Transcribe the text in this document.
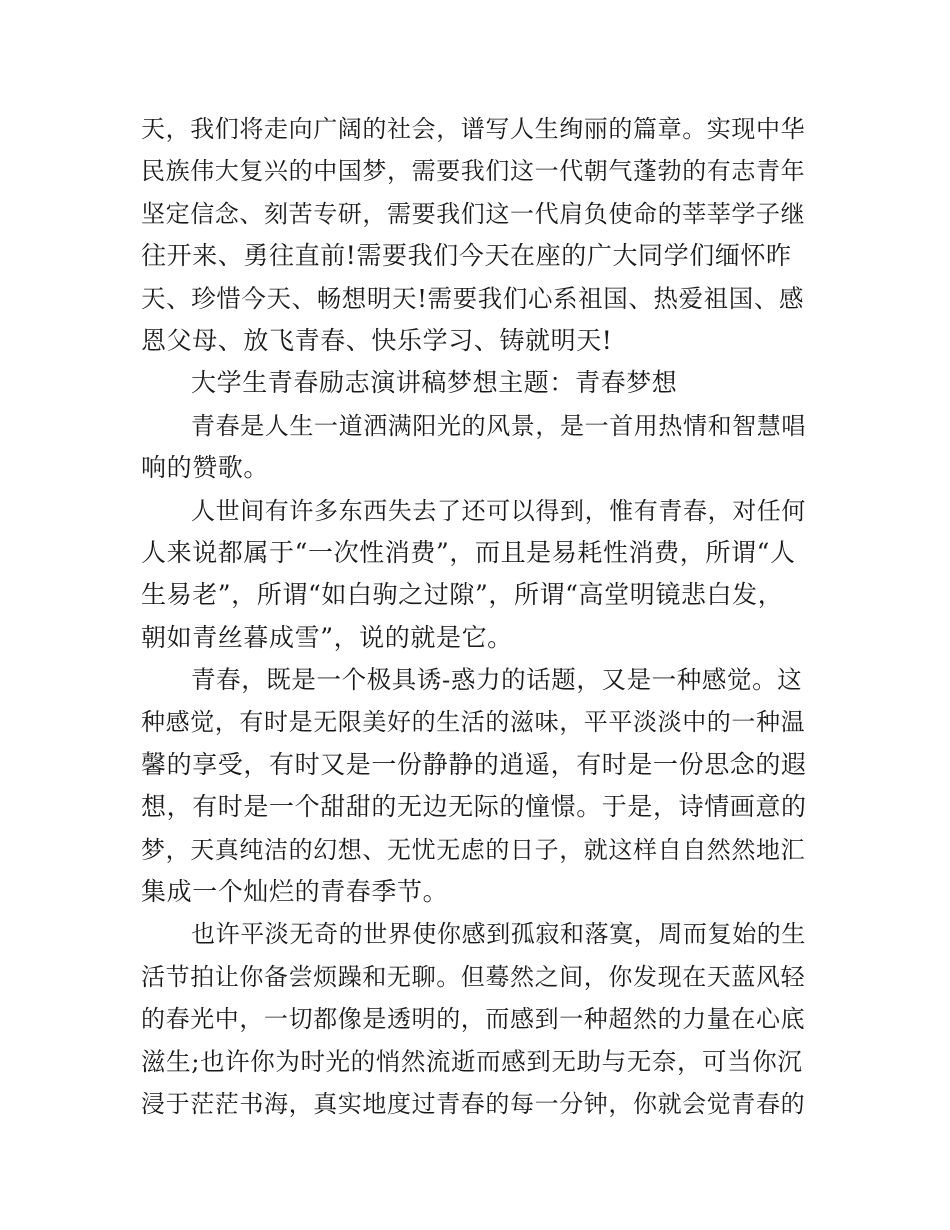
天，我们将走向广阔的社会，谱写人生绚丽的篇章。实现中华
民族伟大复兴的中国梦，需要我们这一代朝气蓬勃的有志青年
坚定信念、刻苦专研，需要我们这一代肩负使命的莘莘学子继
往开来、勇往直前!需要我们今天在座的广大同学们缅怀昨
天、珍惜今天、畅想明天!需要我们心系祖国、热爱祖国、感
恩父母、放飞青春、快乐学习、铸就明天!
大学生青春励志演讲稿梦想主题：青春梦想
青春是人生一道洒满阳光的风景，是一首用热情和智慧唱
响的赞歌。
人世间有许多东西失去了还可以得到，惟有青春，对任何
人来说都属于“一次性消费”，而且是易耗性消费，所谓“人
生易老”，所谓“如白驹之过隙”，所谓“高堂明镜悲白发，
朝如青丝暮成雪”，说的就是它。
青春，既是一个极具诱-惑力的话题，又是一种感觉。这
种感觉，有时是无限美好的生活的滋味，平平淡淡中的一种温
馨的享受，有时又是一份静静的逍遥，有时是一份思念的遐
想，有时是一个甜甜的无边无际的憧憬。于是，诗情画意的
梦，天真纯洁的幻想、无忧无虑的日子，就这样自自然然地汇
集成一个灿烂的青春季节。
也许平淡无奇的世界使你感到孤寂和落寞，周而复始的生
活节拍让你备尝烦躁和无聊。但蓦然之间，你发现在天蓝风轻
的春光中，一切都像是透明的，而感到一种超然的力量在心底
滋生;也许你为时光的悄然流逝而感到无助与无奈，可当你沉
浸于茫茫书海，真实地度过青春的每一分钟，你就会觉青春的
